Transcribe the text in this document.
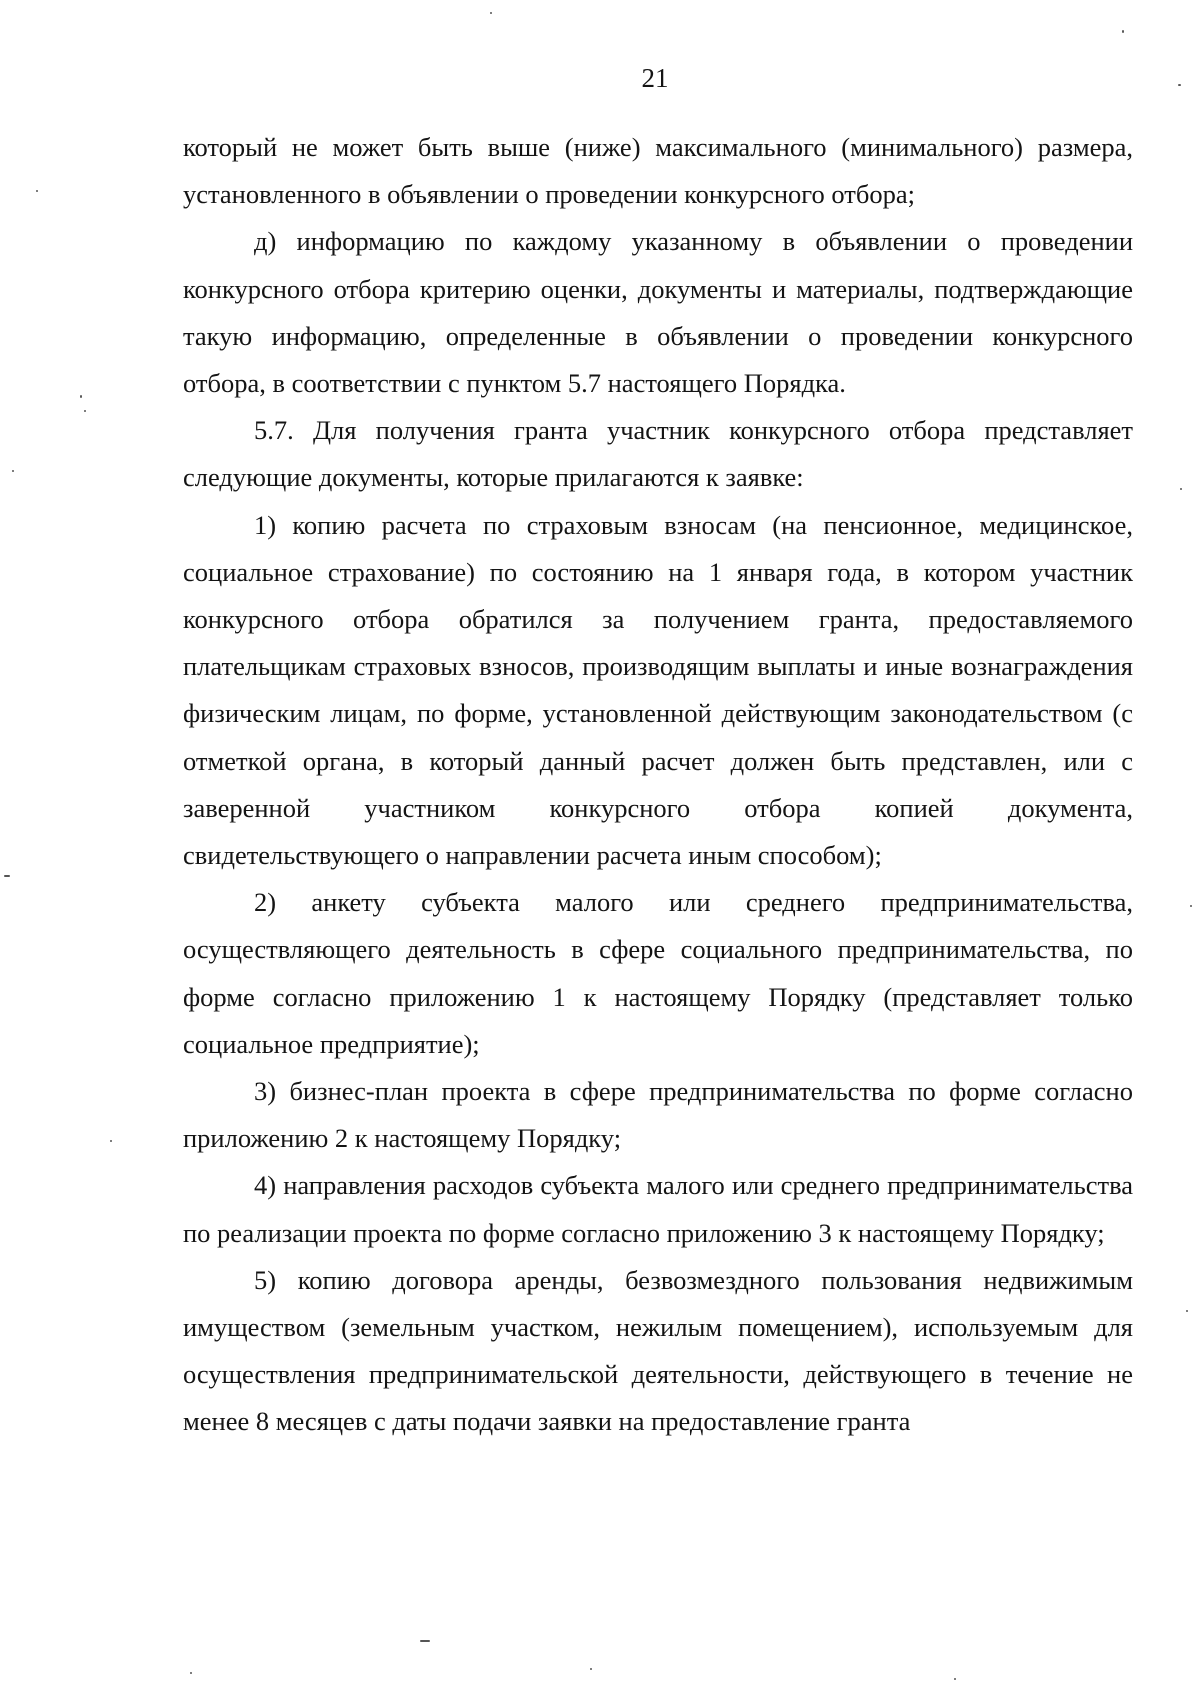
21

который не может быть выше (ниже) максимального (минимального) размера, установленного в объявлении о проведении конкурсного отбора;

д) информацию по каждому указанному в объявлении о проведении конкурсного отбора критерию оценки, документы и материалы, подтверждающие такую информацию, определенные в объявлении о проведении конкурсного отбора, в соответствии с пунктом 5.7 настоящего Порядка.

5.7. Для получения гранта участник конкурсного отбора представляет следующие документы, которые прилагаются к заявке:

1) копию расчета по страховым взносам (на пенсионное, медицинское, социальное страхование) по состоянию на 1 января года, в котором участник конкурсного отбора обратился за получением гранта, предоставляемого плательщикам страховых взносов, производящим выплаты и иные вознаграждения физическим лицам, по форме, установленной действующим законодательством (с отметкой органа, в который данный расчет должен быть представлен, или с заверенной участником конкурсного отбора копией документа, свидетельствующего о направлении расчета иным способом);

2) анкету субъекта малого или среднего предпринимательства, осуществляющего деятельность в сфере социального предпринимательства, по форме согласно приложению 1 к настоящему Порядку (представляет только социальное предприятие);

3) бизнес-план проекта в сфере предпринимательства по форме согласно приложению 2 к настоящему Порядку;

4) направления расходов субъекта малого или среднего предпринимательства по реализации проекта по форме согласно приложению 3 к настоящему Порядку;

5) копию договора аренды, безвозмездного пользования недвижимым имуществом (земельным участком, нежилым помещением), используемым для осуществления предпринимательской деятельности, действующего в течение не менее 8 месяцев с даты подачи заявки на предоставление гранта
